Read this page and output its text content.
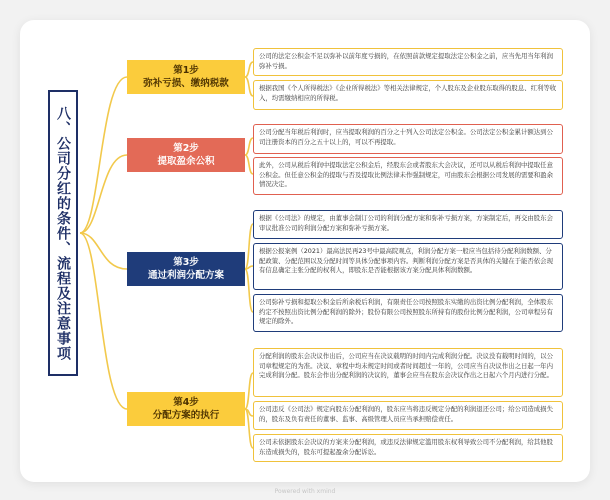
八、公司分红的条件、流程及注意事项
第1步
弥补亏损、缴纳税款
第2步
提取盈余公积
第3步
通过利润分配方案
第4步
分配方案的执行
公司的法定公积金不足以弥补以前年度亏损的，在依照前款规定提取法定公积金之前，应当先用当年利润弥补亏损。
根据我国《个人所得税法》《企业所得税法》等相关法律规定，个人股东及企业股东取得的股息、红利等收入，均需缴纳相应的所得税。
公司分配当年税后利润时，应当提取利润的百分之十列入公司法定公积金。公司法定公积金累计额达到公司注册资本的百分之五十以上的，可以不再提取。
此外，公司从税后利润中提取法定公积金后，经股东会或者股东大会决议，还可以从税后利润中提取任意公积金。但任意公积金的提取与否及提取比例法律未作强制规定，可由股东会根据公司发展的需要和盈余情况决定。
根据《公司法》的规定，由董事会制订公司的利润分配方案和弥补亏损方案，方案制定后，再交由股东会审议批准公司的利润分配方案和弥补亏损方案。
根据公报案例（2021）最高法民再23号中最高院观点，利润分配方案一般应当包括待分配利润数额、分配政策、分配范围以及分配时间等具体分配事项内容。判断利润分配方案是否具体的关键在于能否依会现有信息确定主张分配的权利人，即股东是否能根据该方案分配具体利润数额。
公司弥补亏损和提取公积金后所余税后利润，有限责任公司按照股东实缴的出资比例分配利润，全体股东约定不按照出资比例分配利润的除外；股份有限公司按照股东所持有的股份比例分配利润，公司章程另有规定的除外。
分配利润的股东会决议作出后，公司应当在决议载明的时间内完成利润分配。决议没有载明时间的，以公司章程规定的为准。决议、章程中均未规定时间或者时间超过一年的，公司应当自决议作出之日起一年内完成利润分配。股东会作出分配利润的决议的，董事会应当在股东会决议作出之日起六个月内进行分配。
公司违反《公司法》规定向股东分配利润的，股东应当将违反规定分配的利润退还公司；给公司造成损失的，股东及负有责任的董事、监事、高级管理人员应当承担赔偿责任。
公司未依据股东会决议的方案来分配利润，或违反法律规定滥用股东权利导致公司不分配利润，给其他股东造成损失的，股东可提起盈余分配诉讼。
Powered with xmind
